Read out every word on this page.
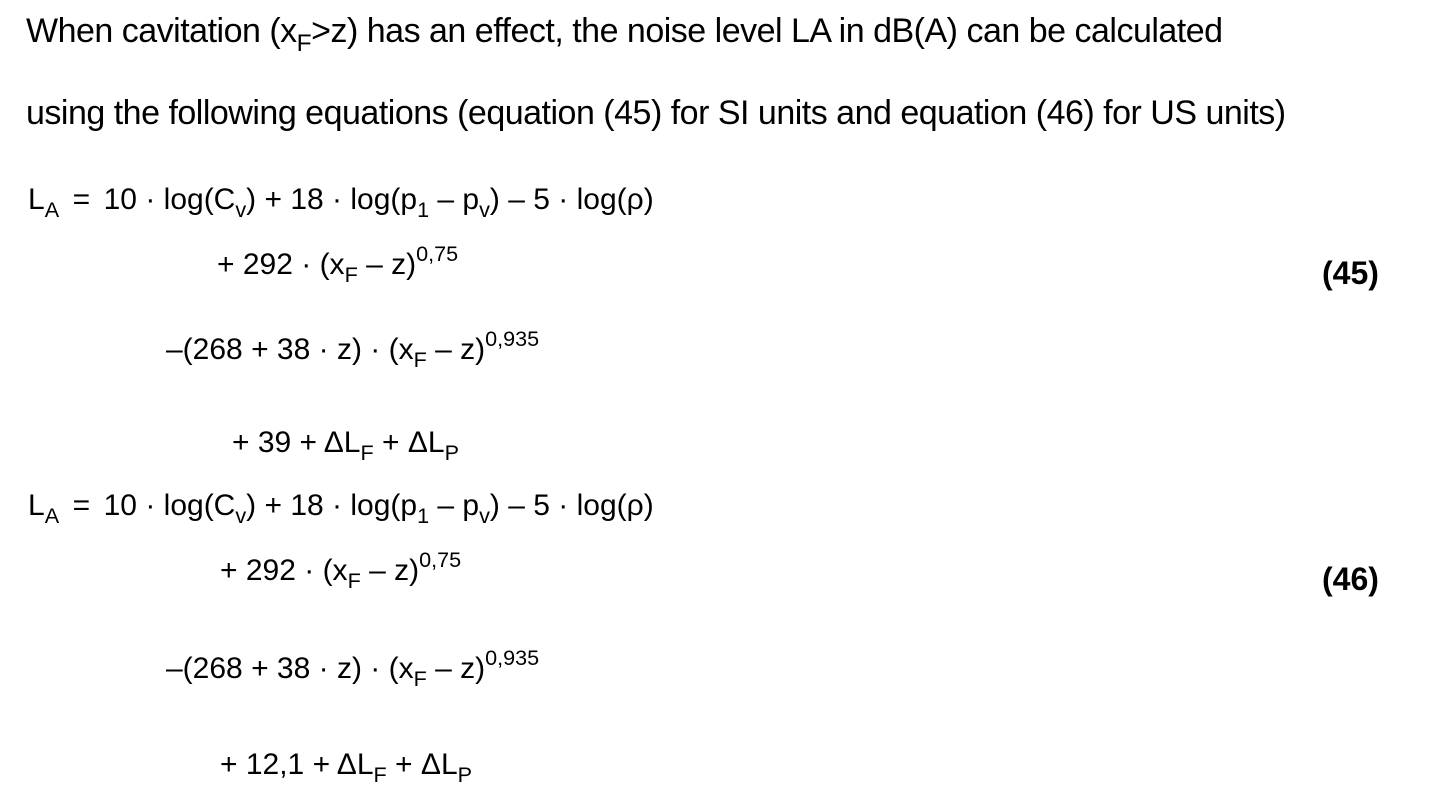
When cavitation $(x_F>z)$ has an effect, the noise level LA in dB(A) can be calculated
using the following equations (equation (45) for SI units and equation (46) for US units)
$L_A = 10 \cdot \log(C_v) + 18 \cdot \log(p_1 - p_v) - 5 \cdot \log(\rho)$
+ $292 \cdot (x_F - z)^{0,75}$
(45)
$-(268 + 38 \cdot z) \cdot (x_F - z)^{0,935}$
+ $39 + \Delta L_F + \Delta L_P$
$L_A = 10 \cdot \log(C_v) + 18 \cdot \log(p_1 - p_v) - 5 \cdot \log(\rho)$
+ $292 \cdot (x_F - z)^{0,75}$
(46)
$-(268 + 38 \cdot z) \cdot (x_F - z)^{0,935}$
+ $12,1 + \Delta L_F + \Delta L_P$
